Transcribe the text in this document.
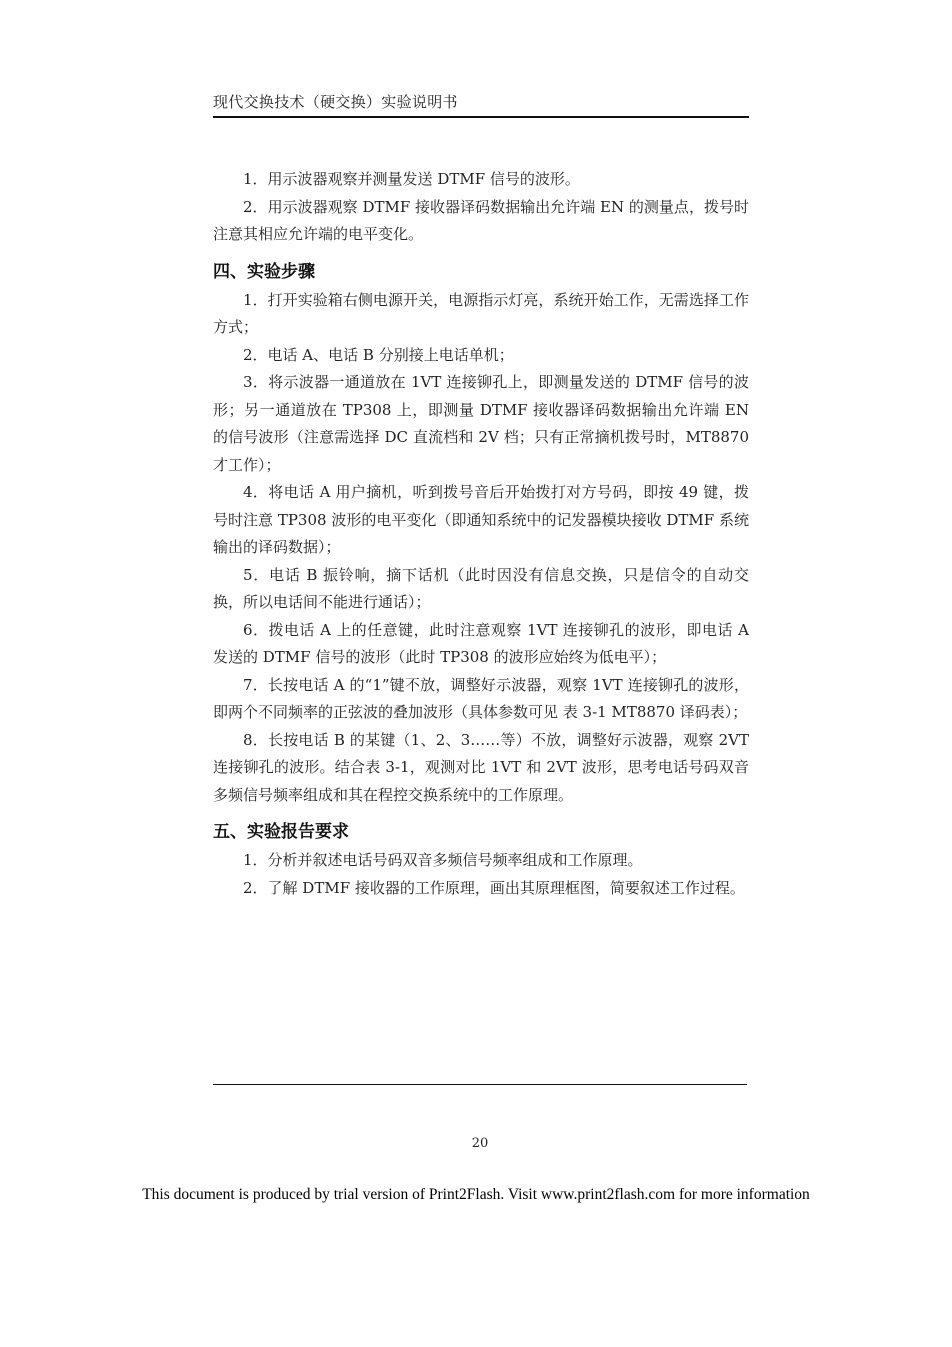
现代交换技术（硬交换）实验说明书

1．用示波器观察并测量发送 DTMF 信号的波形。

2．用示波器观察 DTMF 接收器译码数据输出允许端 EN 的测量点，拨号时注意其相应允许端的电平变化。

四、实验步骤

1．打开实验箱右侧电源开关，电源指示灯亮，系统开始工作，无需选择工作方式；

2．电话 A、电话 B 分别接上电话单机；

3．将示波器一通道放在 1VT 连接铆孔上，即测量发送的 DTMF 信号的波形；另一通道放在 TP308 上，即测量 DTMF 接收器译码数据输出允许端 EN 的信号波形（注意需选择 DC 直流档和 2V 档；只有正常摘机拨号时，MT8870 才工作）；

4．将电话 A 用户摘机，听到拨号音后开始拨打对方号码，即按 49 键，拨号时注意 TP308 波形的电平变化（即通知系统中的记发器模块接收 DTMF 系统输出的译码数据）；

5．电话 B 振铃响，摘下话机（此时因没有信息交换，只是信令的自动交换，所以电话间不能进行通话）；

6．拨电话 A 上的任意键，此时注意观察 1VT 连接铆孔的波形，即电话 A 发送的 DTMF 信号的波形（此时 TP308 的波形应始终为低电平）；

7．长按电话 A 的“1”键不放，调整好示波器，观察 1VT 连接铆孔的波形，即两个不同频率的正弦波的叠加波形（具体参数可见 表 3-1 MT8870 译码表）；

8．长按电话 B 的某键（1、2、3……等）不放，调整好示波器，观察 2VT 连接铆孔的波形。结合表 3-1，观测对比 1VT 和 2VT 波形，思考电话号码双音多频信号频率组成和其在程控交换系统中的工作原理。

五、实验报告要求

1．分析并叙述电话号码双音多频信号频率组成和工作原理。

2．了解 DTMF 接收器的工作原理，画出其原理框图，简要叙述工作过程。

20
This document is produced by trial version of Print2Flash. Visit www.print2flash.com for more information
